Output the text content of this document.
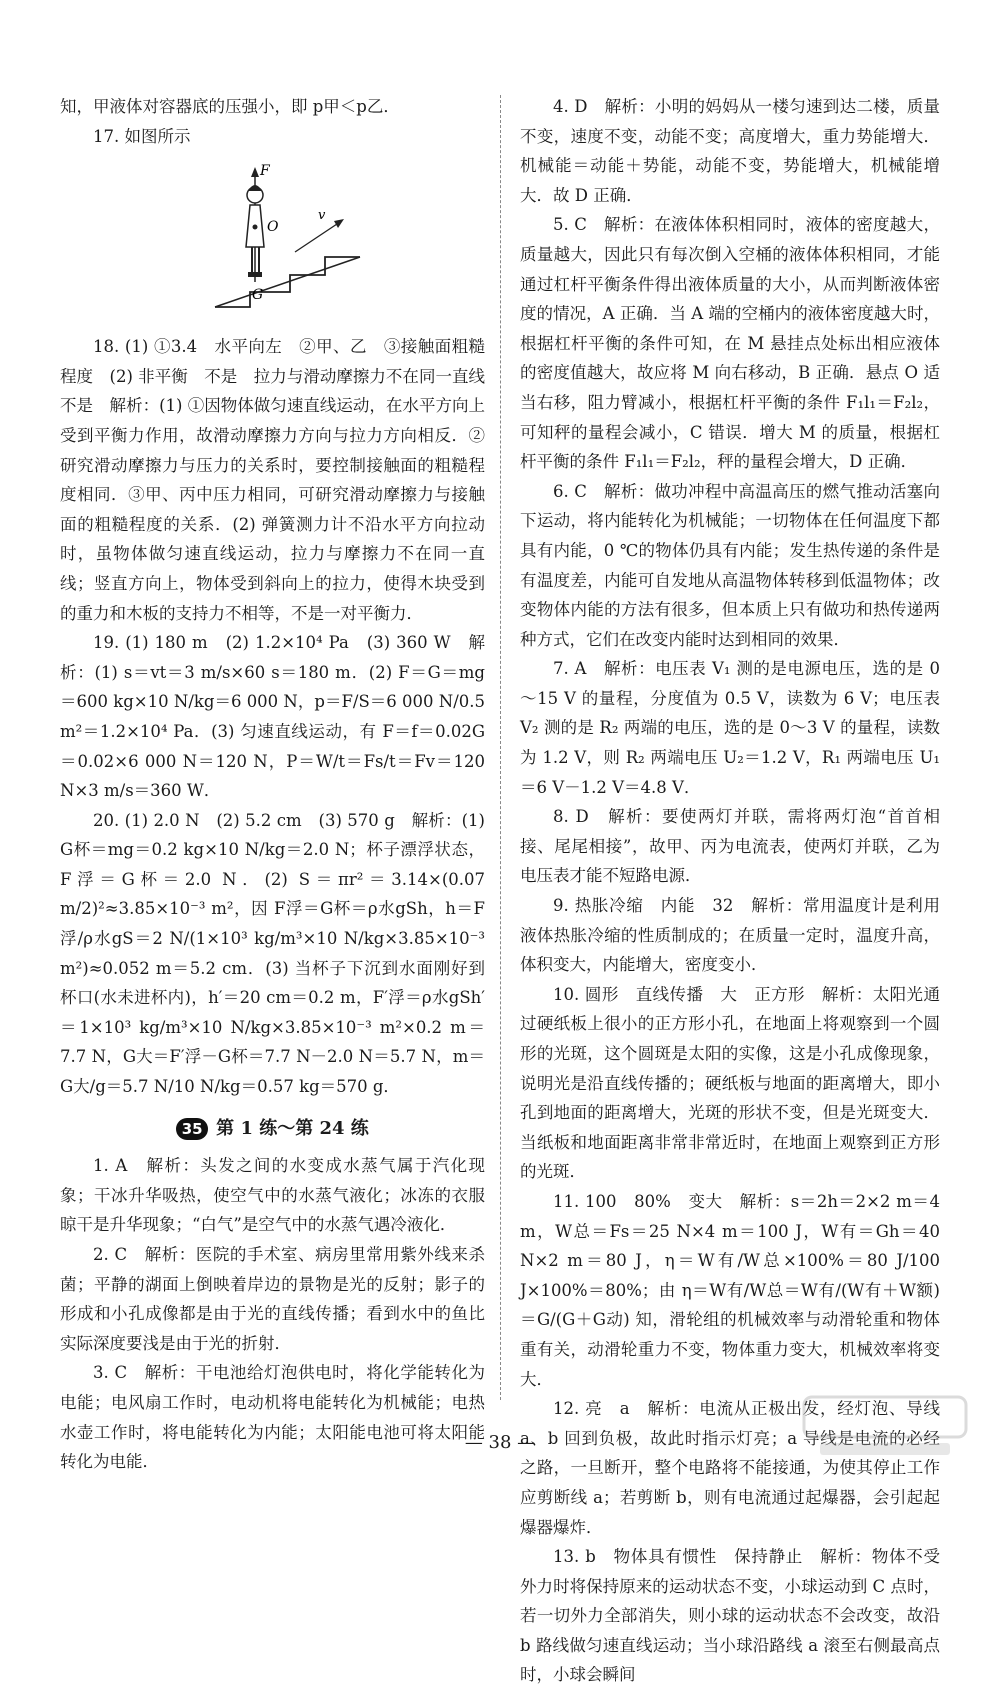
知，甲液体对容器底的压强小，即 p甲＜p乙．

17. 如图所示

F
O
v
G

18. (1) ①3.4　水平向左　②甲、乙　③接触面粗糙程度　(2) 非平衡　不是　拉力与滑动摩擦力不在同一直线　不是　解析：(1) ①因物体做匀速直线运动，在水平方向上受到平衡力作用，故滑动摩擦力方向与拉力方向相反．②研究滑动摩擦力与压力的关系时，要控制接触面的粗糙程度相同．③甲、丙中压力相同，可研究滑动摩擦力与接触面的粗糙程度的关系．(2) 弹簧测力计不沿水平方向拉动时，虽物体做匀速直线运动，拉力与摩擦力不在同一直线；竖直方向上，物体受到斜向上的拉力，使得木块受到的重力和木板的支持力不相等，不是一对平衡力．

19. (1) 180 m　(2) 1.2×10⁴ Pa　(3) 360 W　解析：(1) s＝vt＝3 m/s×60 s＝180 m．(2) F＝G＝mg＝600 kg×10 N/kg＝6 000 N，p＝F/S＝6 000 N/0.5 m²＝1.2×10⁴ Pa．(3) 匀速直线运动，有 F＝f＝0.02G＝0.02×6 000 N＝120 N，P＝W/t＝Fs/t＝Fv＝120 N×3 m/s＝360 W．

20. (1) 2.0 N　(2) 5.2 cm　(3) 570 g　解析：(1) G杯＝mg＝0.2 kg×10 N/kg＝2.0 N；杯子漂浮状态，F浮＝G杯＝2.0 N．(2) S＝πr²＝3.14×(0.07 m/2)²≈3.85×10⁻³ m²，因 F浮＝G杯＝ρ水gSh，h＝F浮/ρ水gS＝2 N/(1×10³ kg/m³×10 N/kg×3.85×10⁻³ m²)≈0.052 m＝5.2 cm．(3) 当杯子下沉到水面刚好到杯口(水未进杯内)，h′＝20 cm＝0.2 m，F′浮＝ρ水gSh′＝1×10³ kg/m³×10 N/kg×3.85×10⁻³ m²×0.2 m＝7.7 N，G大＝F′浮－G杯＝7.7 N－2.0 N＝5.7 N，m＝G大/g＝5.7 N/10 N/kg＝0.57 kg＝570 g．

35 第 1 练～第 24 练

1. A　解析：头发之间的水变成水蒸气属于汽化现象；干冰升华吸热，使空气中的水蒸气液化；冰冻的衣服晾干是升华现象；“白气”是空气中的水蒸气遇冷液化．

2. C　解析：医院的手术室、病房里常用紫外线来杀菌；平静的湖面上倒映着岸边的景物是光的反射；影子的形成和小孔成像都是由于光的直线传播；看到水中的鱼比实际深度要浅是由于光的折射．

3. C　解析：干电池给灯泡供电时，将化学能转化为电能；电风扇工作时，电动机将电能转化为机械能；电热水壶工作时，将电能转化为内能；太阳能电池可将太阳能转化为电能．

4. D　解析：小明的妈妈从一楼匀速到达二楼，质量不变，速度不变，动能不变；高度增大，重力势能增大．机械能＝动能＋势能，动能不变，势能增大，机械能增大．故 D 正确．

5. C　解析：在液体体积相同时，液体的密度越大，质量越大，因此只有每次倒入空桶的液体体积相同，才能通过杠杆平衡条件得出液体质量的大小，从而判断液体密度的情况，A 正确．当 A 端的空桶内的液体密度越大时，根据杠杆平衡的条件可知，在 M 悬挂点处标出相应液体的密度值越大，故应将 M 向右移动，B 正确．悬点 O 适当右移，阻力臂减小，根据杠杆平衡的条件 F₁l₁＝F₂l₂，可知秤的量程会减小，C 错误．增大 M 的质量，根据杠杆平衡的条件 F₁l₁＝F₂l₂，秤的量程会增大，D 正确．

6. C　解析：做功冲程中高温高压的燃气推动活塞向下运动，将内能转化为机械能；一切物体在任何温度下都具有内能，0 ℃的物体仍具有内能；发生热传递的条件是有温度差，内能可自发地从高温物体转移到低温物体；改变物体内能的方法有很多，但本质上只有做功和热传递两种方式，它们在改变内能时达到相同的效果．

7. A　解析：电压表 V₁ 测的是电源电压，选的是 0～15 V 的量程，分度值为 0.5 V，读数为 6 V；电压表 V₂ 测的是 R₂ 两端的电压，选的是 0～3 V 的量程，读数为 1.2 V，则 R₂ 两端电压 U₂＝1.2 V，R₁ 两端电压 U₁＝6 V－1.2 V＝4.8 V．

8. D　解析：要使两灯并联，需将两灯泡“首首相接、尾尾相接”，故甲、丙为电流表，使两灯并联，乙为电压表才能不短路电源．

9. 热胀冷缩　内能　32　解析：常用温度计是利用液体热胀冷缩的性质制成的；在质量一定时，温度升高，体积变大，内能增大，密度变小．

10. 圆形　直线传播　大　正方形　解析：太阳光通过硬纸板上很小的正方形小孔，在地面上将观察到一个圆形的光斑，这个圆斑是太阳的实像，这是小孔成像现象，说明光是沿直线传播的；硬纸板与地面的距离增大，即小孔到地面的距离增大，光斑的形状不变，但是光斑变大．当纸板和地面距离非常非常近时，在地面上观察到正方形的光斑．

11. 100　80%　变大　解析：s＝2h＝2×2 m＝4 m，W总＝Fs＝25 N×4 m＝100 J，W有＝Gh＝40 N×2 m＝80 J，η＝W有/W总×100%＝80 J/100 J×100%＝80%；由 η＝W有/W总＝W有/(W有＋W额)＝G/(G＋G动) 知，滑轮组的机械效率与动滑轮重和物体重有关，动滑轮重力不变，物体重力变大，机械效率将变大．

12. 亮　a　解析：电流从正极出发，经灯泡、导线 a、b 回到负极，故此时指示灯亮；a 导线是电流的必经之路，一旦断开，整个电路将不能接通，为使其停止工作应剪断线 a；若剪断 b，则有电流通过起爆器，会引起起爆器爆炸．

13. b　物体具有惯性　保持静止　解析：物体不受外力时将保持原来的运动状态不变，小球运动到 C 点时，若一切外力全部消失，则小球的运动状态不会改变，故沿 b 路线做匀速直线运动；当小球沿路线 a 滚至右侧最高点时，小球会瞬间

— 38 —
